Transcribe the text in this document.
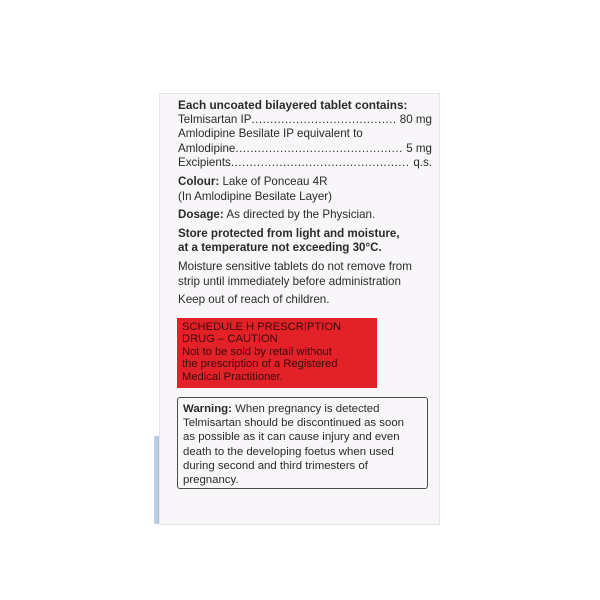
Each uncoated bilayered tablet contains:
Telmisartan IP .....	80 mg
Amlodipine Besilate IP equivalent to
Amlodipine .....	5 mg
Excipients .....	q.s.
Colour: Lake of Ponceau 4R
(In Amlodipine Besilate Layer)
Dosage: As directed by the Physician.
Store protected from light and moisture,
at a temperature not exceeding 30°C.
Moisture sensitive tablets do not remove from
strip until immediately before administration
Keep out of reach of children.
SCHEDULE H PRESCRIPTION
DRUG – CAUTION
Not to be sold by retail without
the prescription of a Registered
Medical Practitioner.
Warning: When pregnancy is detected
Telmisartan should be discontinued as soon
as possible as it can cause injury and even
death to the developing foetus when used
during second and third trimesters of
pregnancy.
